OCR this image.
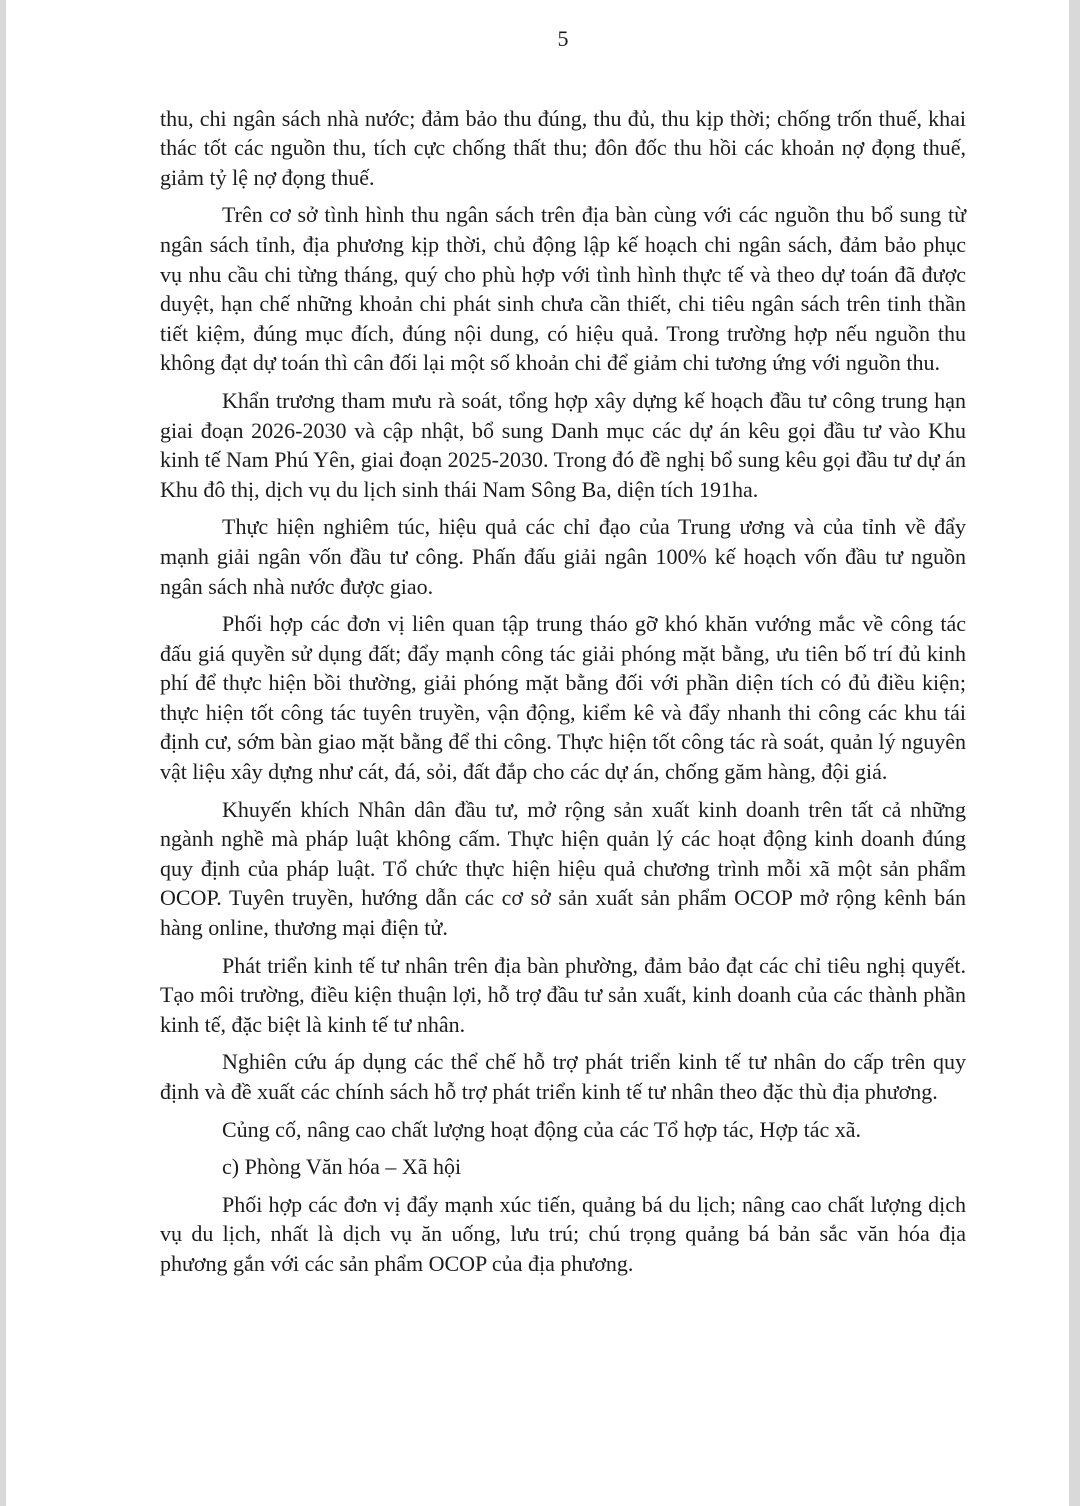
5

thu, chi ngân sách nhà nước; đảm bảo thu đúng, thu đủ, thu kịp thời; chống trốn thuế, khai thác tốt các nguồn thu, tích cực chống thất thu; đôn đốc thu hồi các khoản nợ đọng thuế, giảm tỷ lệ nợ đọng thuế.

Trên cơ sở tình hình thu ngân sách trên địa bàn cùng với các nguồn thu bổ sung từ ngân sách tỉnh, địa phương kịp thời, chủ động lập kế hoạch chi ngân sách, đảm bảo phục vụ nhu cầu chi từng tháng, quý cho phù hợp với tình hình thực tế và theo dự toán đã được duyệt, hạn chế những khoản chi phát sinh chưa cần thiết, chi tiêu ngân sách trên tinh thần tiết kiệm, đúng mục đích, đúng nội dung, có hiệu quả. Trong trường hợp nếu nguồn thu không đạt dự toán thì cân đối lại một số khoản chi để giảm chi tương ứng với nguồn thu.

Khẩn trương tham mưu rà soát, tổng hợp xây dựng kế hoạch đầu tư công trung hạn giai đoạn 2026-2030 và cập nhật, bổ sung Danh mục các dự án kêu gọi đầu tư vào Khu kinh tế Nam Phú Yên, giai đoạn 2025-2030. Trong đó đề nghị bổ sung kêu gọi đầu tư dự án Khu đô thị, dịch vụ du lịch sinh thái Nam Sông Ba, diện tích 191ha.

Thực hiện nghiêm túc, hiệu quả các chỉ đạo của Trung ương và của tỉnh về đẩy mạnh giải ngân vốn đầu tư công. Phấn đấu giải ngân 100% kế hoạch vốn đầu tư nguồn ngân sách nhà nước được giao.

Phối hợp các đơn vị liên quan tập trung tháo gỡ khó khăn vướng mắc về công tác đấu giá quyền sử dụng đất; đẩy mạnh công tác giải phóng mặt bằng, ưu tiên bố trí đủ kinh phí để thực hiện bồi thường, giải phóng mặt bằng đối với phần diện tích có đủ điều kiện; thực hiện tốt công tác tuyên truyền, vận động, kiểm kê và đẩy nhanh thi công các khu tái định cư, sớm bàn giao mặt bằng để thi công. Thực hiện tốt công tác rà soát, quản lý nguyên vật liệu xây dựng như cát, đá, sỏi, đất đắp cho các dự án, chống găm hàng, đội giá.

Khuyến khích Nhân dân đầu tư, mở rộng sản xuất kinh doanh trên tất cả những ngành nghề mà pháp luật không cấm. Thực hiện quản lý các hoạt động kinh doanh đúng quy định của pháp luật. Tổ chức thực hiện hiệu quả chương trình mỗi xã một sản phẩm OCOP. Tuyên truyền, hướng dẫn các cơ sở sản xuất sản phẩm OCOP mở rộng kênh bán hàng online, thương mại điện tử.

Phát triển kinh tế tư nhân trên địa bàn phường, đảm bảo đạt các chỉ tiêu nghị quyết. Tạo môi trường, điều kiện thuận lợi, hỗ trợ đầu tư sản xuất, kinh doanh của các thành phần kinh tế, đặc biệt là kinh tế tư nhân.

Nghiên cứu áp dụng các thể chế hỗ trợ phát triển kinh tế tư nhân do cấp trên quy định và đề xuất các chính sách hỗ trợ phát triển kinh tế tư nhân theo đặc thù địa phương.

Củng cố, nâng cao chất lượng hoạt động của các Tổ hợp tác, Hợp tác xã.

c) Phòng Văn hóa – Xã hội

Phối hợp các đơn vị đẩy mạnh xúc tiến, quảng bá du lịch; nâng cao chất lượng dịch vụ du lịch, nhất là dịch vụ ăn uống, lưu trú; chú trọng quảng bá bản sắc văn hóa địa phương gắn với các sản phẩm OCOP của địa phương.
